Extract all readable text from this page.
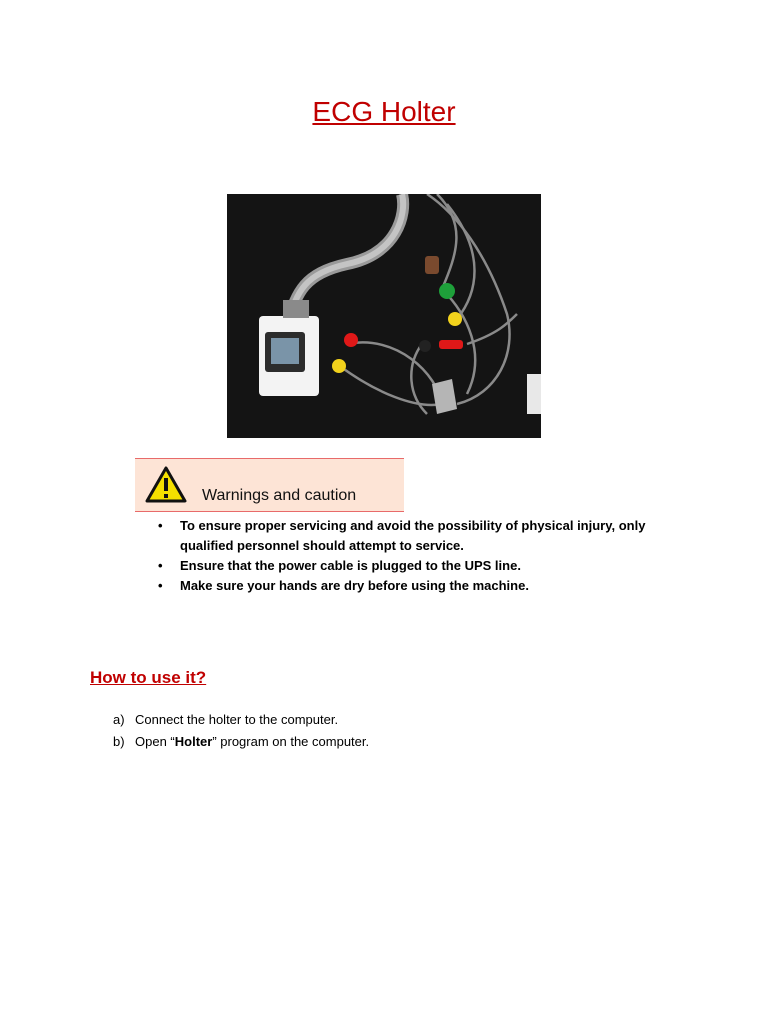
ECG Holter
Warnings and caution
• To ensure proper servicing and avoid the possibility of physical injury, only qualified personnel should attempt to service.
• Ensure that the power cable is plugged to the UPS line.
• Make sure your hands are dry before using the machine.
How to use it?
a) Connect the holter to the computer.
b) Open “Holter” program on the computer.
